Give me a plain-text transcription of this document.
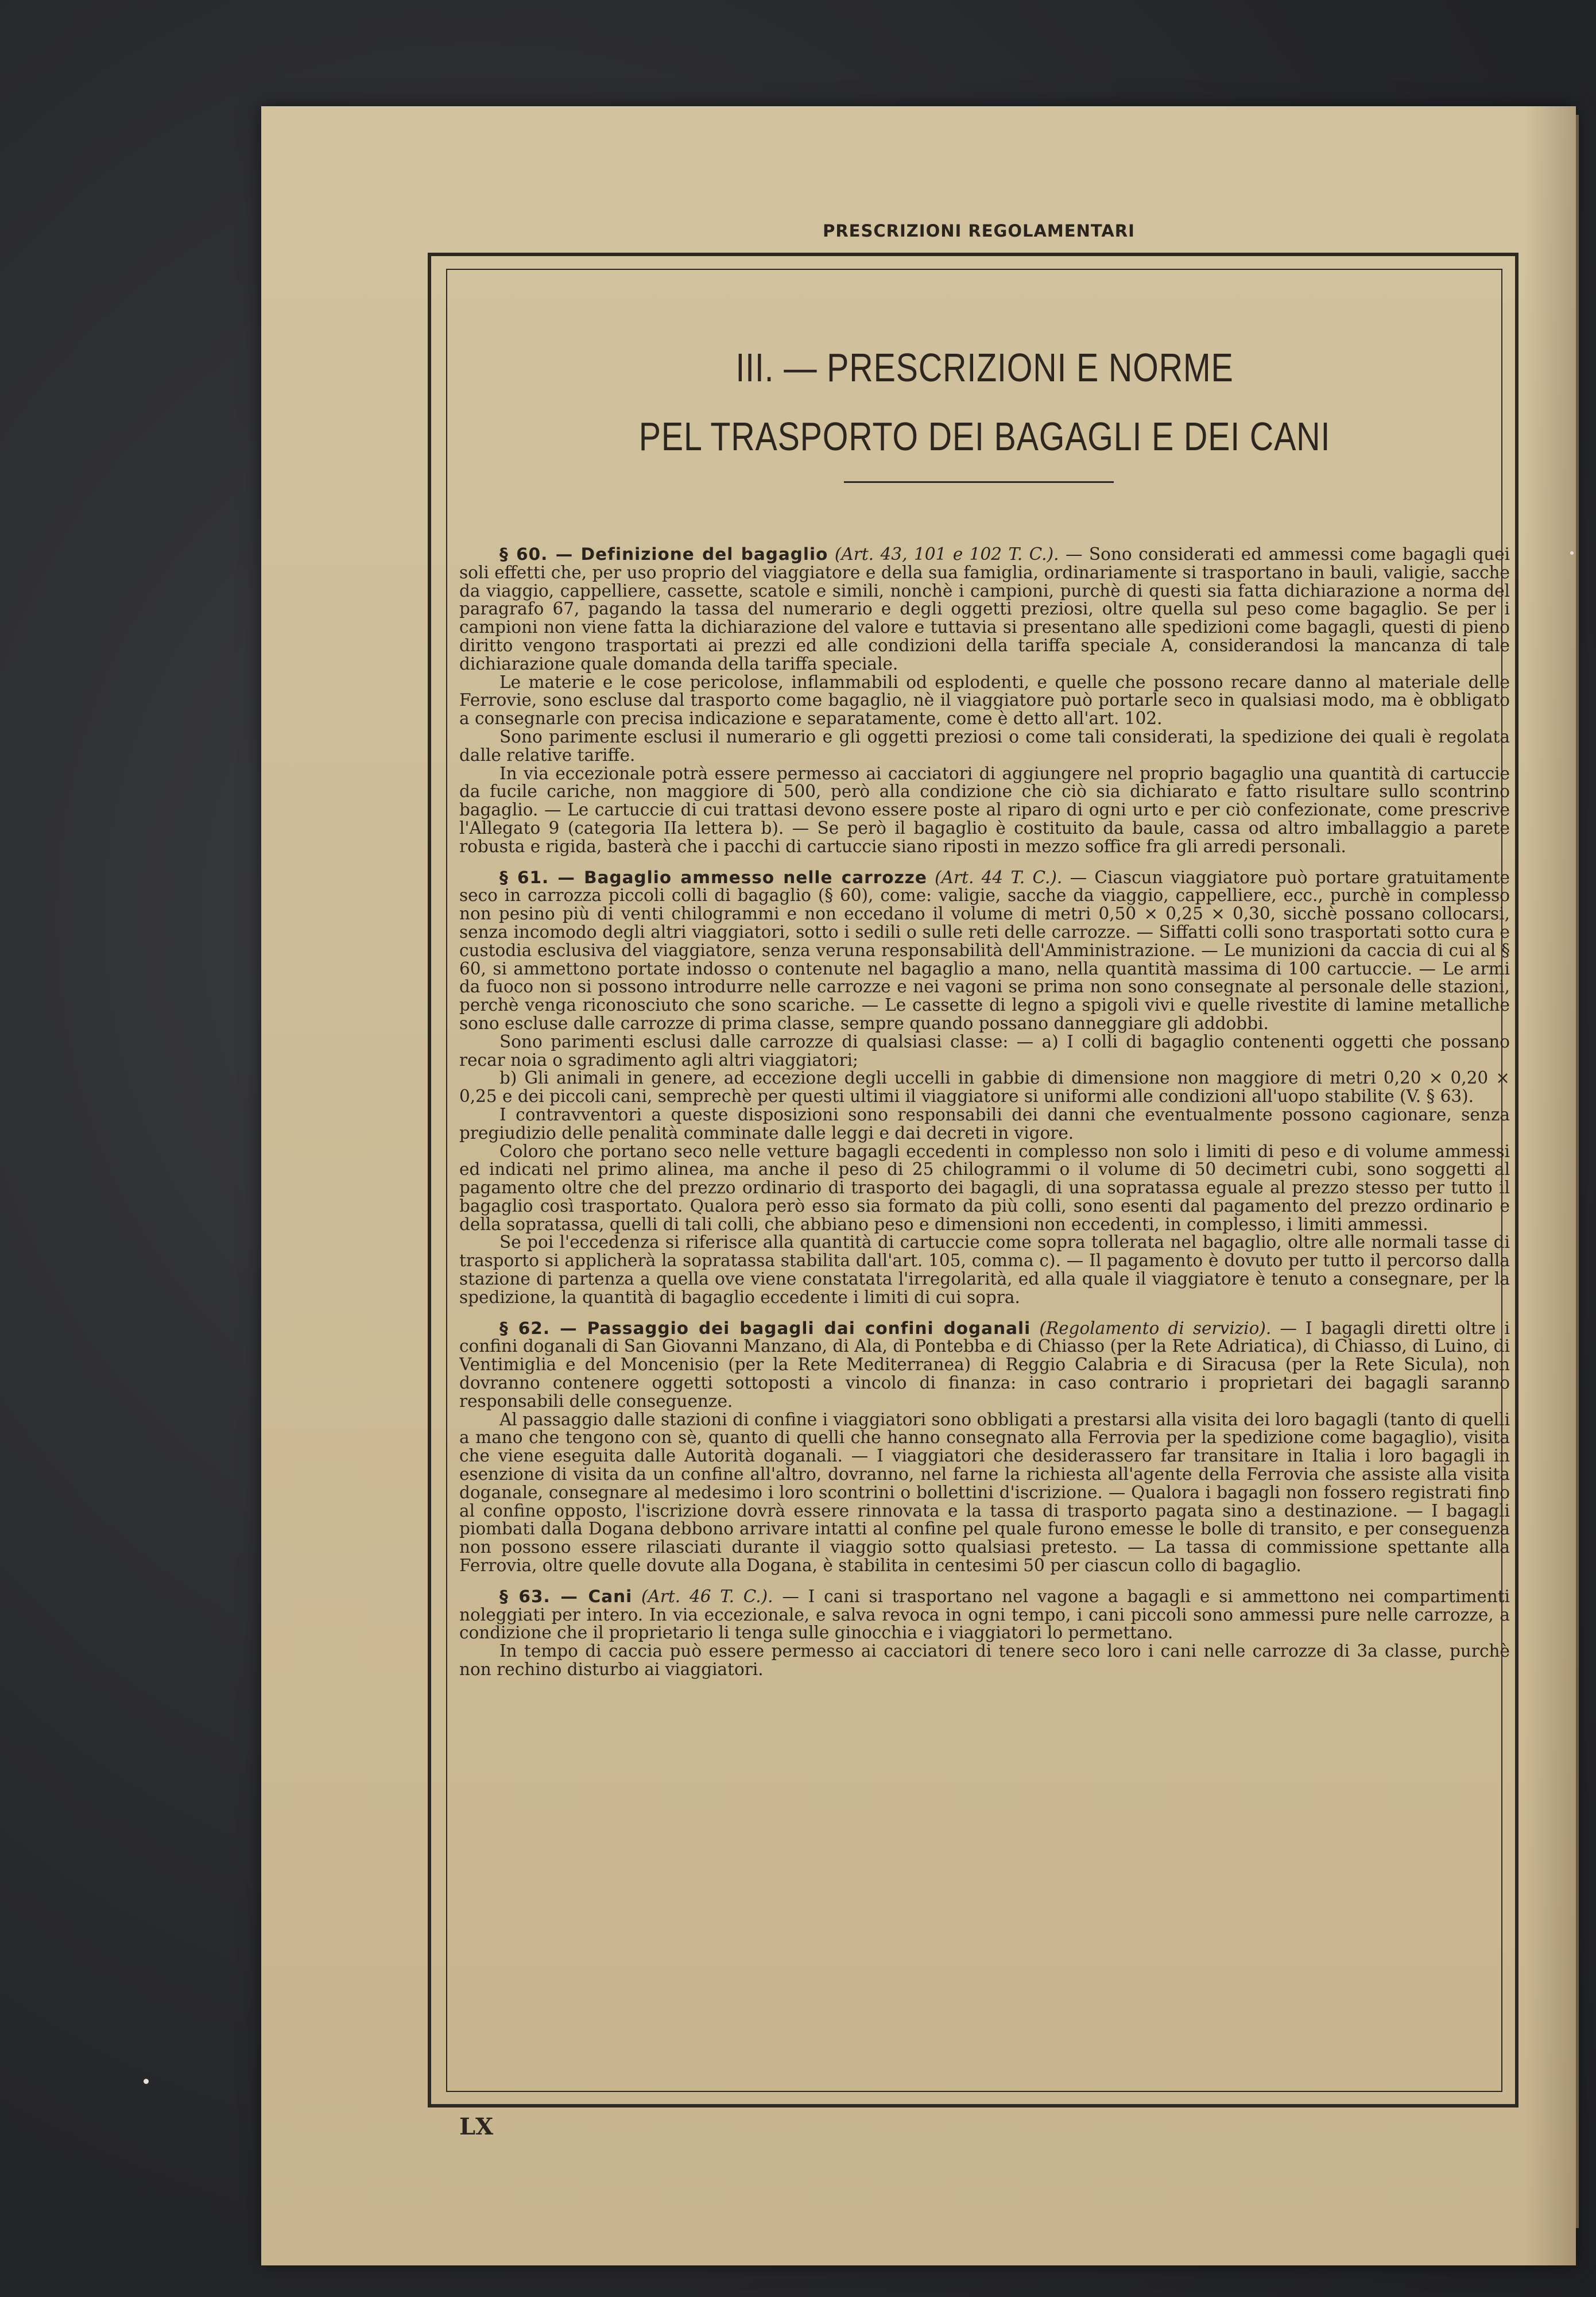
PRESCRIZIONI REGOLAMENTARI
III. — PRESCRIZIONI E NORME
PEL TRASPORTO DEI BAGAGLI E DEI CANI

§ 60. — Definizione del bagaglio (Art. 43, 101 e 102 T. C.). — Sono considerati ed ammessi come bagagli quei soli effetti che, per uso proprio del viaggiatore e della sua famiglia, ordinariamente si trasportano in bauli, valigie, sacche da viaggio, cappelliere, cassette, scatole e simili, nonchè i campioni, purchè di questi sia fatta dichiarazione a norma del paragrafo 67, pagando la tassa del numerario e degli oggetti preziosi, oltre quella sul peso come bagaglio. Se per i campioni non viene fatta la dichiarazione del valore e tuttavia si presentano alle spedizioni come bagagli, questi di pieno diritto vengono trasportati ai prezzi ed alle condizioni della tariffa speciale A, considerandosi la mancanza di tale dichiarazione quale domanda della tariffa speciale.

Le materie e le cose pericolose, inflammabili od esplodenti, e quelle che possono recare danno al materiale delle Ferrovie, sono escluse dal trasporto come bagaglio, nè il viaggiatore può portarle seco in qualsiasi modo, ma è obbligato a consegnarle con precisa indicazione e separatamente, come è detto all'art. 102.

Sono parimente esclusi il numerario e gli oggetti preziosi o come tali considerati, la spedizione dei quali è regolata dalle relative tariffe.

In via eccezionale potrà essere permesso ai cacciatori di aggiungere nel proprio bagaglio una quantità di cartuccie da fucile cariche, non maggiore di 500, però alla condizione che ciò sia dichiarato e fatto risultare sullo scontrino bagaglio. — Le cartuccie di cui trattasi devono essere poste al riparo di ogni urto e per ciò confezionate, come prescrive l'Allegato 9 (categoria IIa lettera b). — Se però il bagaglio è costituito da baule, cassa od altro imballaggio a parete robusta e rigida, basterà che i pacchi di cartuccie siano riposti in mezzo soffice fra gli arredi personali.

§ 61. — Bagaglio ammesso nelle carrozze (Art. 44 T. C.). — Ciascun viaggiatore può portare gratuitamente seco in carrozza piccoli colli di bagaglio (§ 60), come: valigie, sacche da viaggio, cappelliere, ecc., purchè in complesso non pesino più di venti chilogrammi e non eccedano il volume di metri 0,50 × 0,25 × 0,30, sicchè possano collocarsi, senza incomodo degli altri viaggiatori, sotto i sedili o sulle reti delle carrozze. — Siffatti colli sono trasportati sotto cura e custodia esclusiva del viaggiatore, senza veruna responsabilità dell'Amministrazione. — Le munizioni da caccia di cui al § 60, si ammettono portate indosso o contenute nel bagaglio a mano, nella quantità massima di 100 cartuccie. — Le armi da fuoco non si possono introdurre nelle carrozze e nei vagoni se prima non sono consegnate al personale delle stazioni, perchè venga riconosciuto che sono scariche. — Le cassette di legno a spigoli vivi e quelle rivestite di lamine metalliche sono escluse dalle carrozze di prima classe, sempre quando possano danneggiare gli addobbi.

Sono parimenti esclusi dalle carrozze di qualsiasi classe: — a) I colli di bagaglio contenenti oggetti che possano recar noia o sgradimento agli altri viaggiatori;

b) Gli animali in genere, ad eccezione degli uccelli in gabbie di dimensione non maggiore di metri 0,20 × 0,20 × 0,25 e dei piccoli cani, semprechè per questi ultimi il viaggiatore si uniformi alle condizioni all'uopo stabilite (V. § 63).

I contravventori a queste disposizioni sono responsabili dei danni che eventualmente possono cagionare, senza pregiudizio delle penalità comminate dalle leggi e dai decreti in vigore.

Coloro che portano seco nelle vetture bagagli eccedenti in complesso non solo i limiti di peso e di volume ammessi ed indicati nel primo alinea, ma anche il peso di 25 chilogrammi o il volume di 50 decimetri cubi, sono soggetti al pagamento oltre che del prezzo ordinario di trasporto dei bagagli, di una sopratassa eguale al prezzo stesso per tutto il bagaglio così trasportato. Qualora però esso sia formato da più colli, sono esenti dal pagamento del prezzo ordinario e della sopratassa, quelli di tali colli, che abbiano peso e dimensioni non eccedenti, in complesso, i limiti ammessi.

Se poi l'eccedenza si riferisce alla quantità di cartuccie come sopra tollerata nel bagaglio, oltre alle normali tasse di trasporto si applicherà la sopratassa stabilita dall'art. 105, comma c). — Il pagamento è dovuto per tutto il percorso dalla stazione di partenza a quella ove viene constatata l'irregolarità, ed alla quale il viaggiatore è tenuto a consegnare, per la spedizione, la quantità di bagaglio eccedente i limiti di cui sopra.

§ 62. — Passaggio dei bagagli dai confini doganali (Regolamento di servizio). — I bagagli diretti oltre i confini doganali di San Giovanni Manzano, di Ala, di Pontebba e di Chiasso (per la Rete Adriatica), di Chiasso, di Luino, di Ventimiglia e del Moncenisio (per la Rete Mediterranea) di Reggio Calabria e di Siracusa (per la Rete Sicula), non dovranno contenere oggetti sottoposti a vincolo di finanza: in caso contrario i proprietari dei bagagli saranno responsabili delle conseguenze.

Al passaggio dalle stazioni di confine i viaggiatori sono obbligati a prestarsi alla visita dei loro bagagli (tanto di quelli a mano che tengono con sè, quanto di quelli che hanno consegnato alla Ferrovia per la spedizione come bagaglio), visita che viene eseguita dalle Autorità doganali. — I viaggiatori che desiderassero far transitare in Italia i loro bagagli in esenzione di visita da un confine all'altro, dovranno, nel farne la richiesta all'agente della Ferrovia che assiste alla visita doganale, consegnare al medesimo i loro scontrini o bollettini d'iscrizione. — Qualora i bagagli non fossero registrati fino al confine opposto, l'iscrizione dovrà essere rinnovata e la tassa di trasporto pagata sino a destinazione. — I bagagli piombati dalla Dogana debbono arrivare intatti al confine pel quale furono emesse le bolle di transito, e per conseguenza non possono essere rilasciati durante il viaggio sotto qualsiasi pretesto. — La tassa di commissione spettante alla Ferrovia, oltre quelle dovute alla Dogana, è stabilita in centesimi 50 per ciascun collo di bagaglio.

§ 63. — Cani (Art. 46 T. C.). — I cani si trasportano nel vagone a bagagli e si ammettono nei compartimenti noleggiati per intero. In via eccezionale, e salva revoca in ogni tempo, i cani piccoli sono ammessi pure nelle carrozze, a condizione che il proprietario li tenga sulle ginocchia e i viaggiatori lo permettano.

In tempo di caccia può essere permesso ai cacciatori di tenere seco loro i cani nelle carrozze di 3a classe, purchè non rechino disturbo ai viaggiatori.

LX
